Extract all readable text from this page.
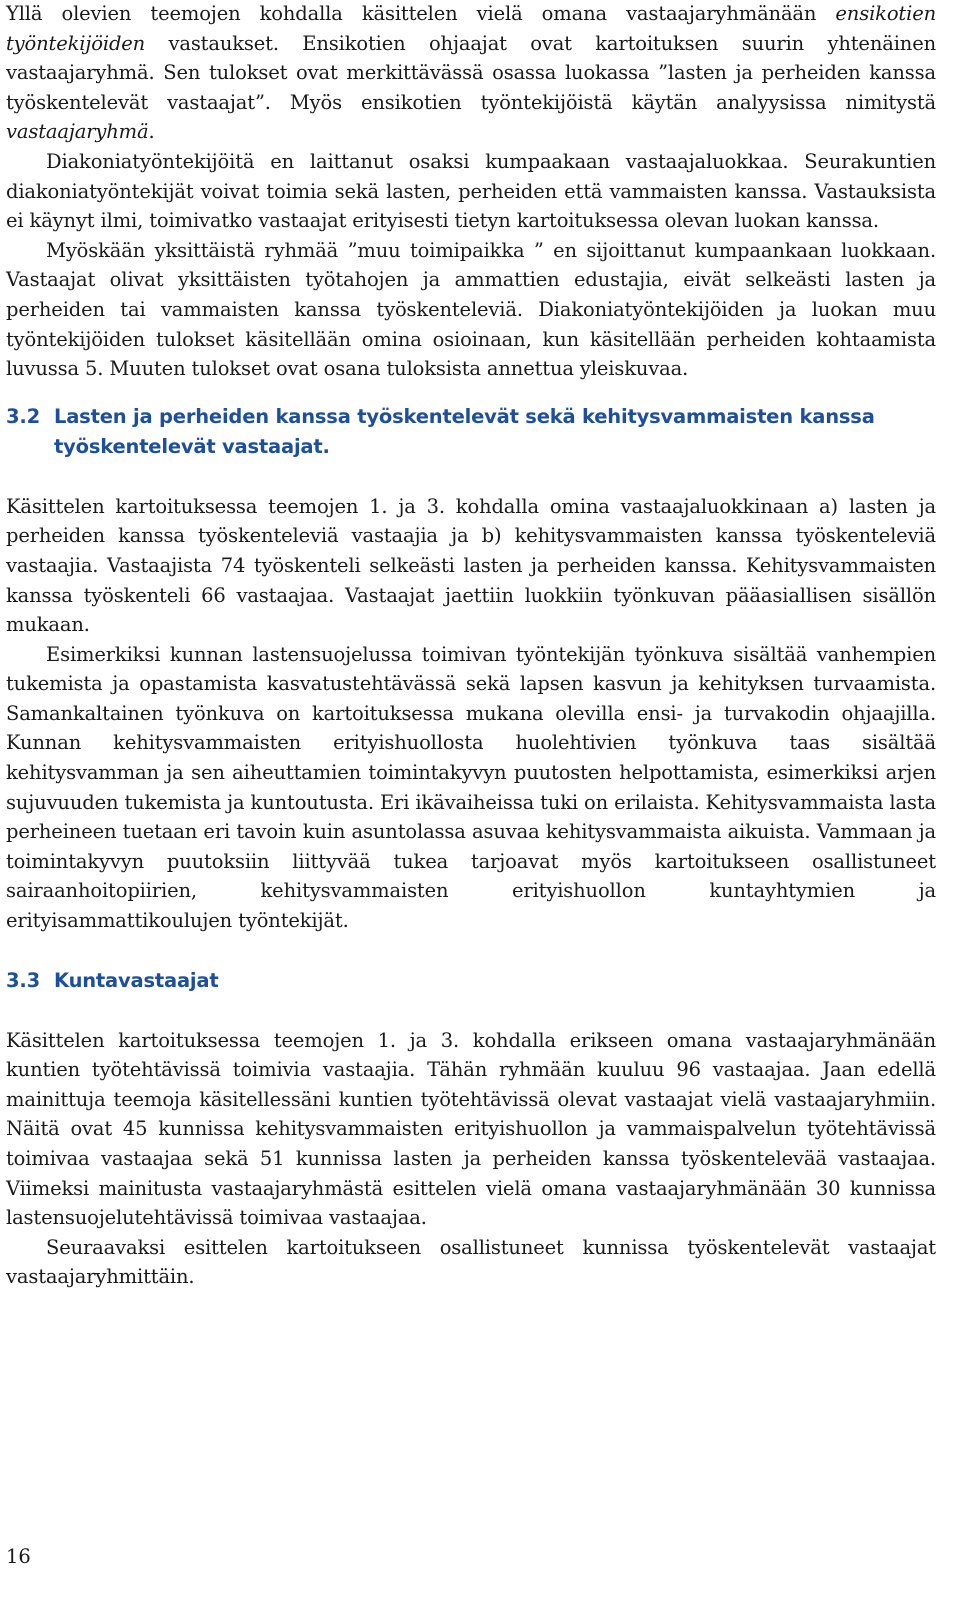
Yllä olevien teemojen kohdalla käsittelen vielä omana vastaajaryhmänään ensikotien työntekijöiden vastaukset. Ensikotien ohjaajat ovat kartoituksen suurin yhtenäinen vastaajaryhmä. Sen tulokset ovat merkittävässä osassa luokassa ”lasten ja perheiden kanssa työskentelevät vastaajat”. Myös ensikotien työntekijöistä käytän analyysissa nimitystä vastaajaryhmä.

Diakoniatyöntekijöitä en laittanut osaksi kumpaakaan vastaajaluokkaa. Seurakuntien diakoniatyöntekijät voivat toimia sekä lasten, perheiden että vammaisten kanssa. Vastauksista ei käynyt ilmi, toimivatko vastaajat erityisesti tietyn kartoituksessa olevan luokan kanssa.

Myöskään yksittäistä ryhmää ”muu toimipaikka ” en sijoittanut kumpaankaan luokkaan. Vastaajat olivat yksittäisten työtahojen ja ammattien edustajia, eivät selkeästi lasten ja perheiden tai vammaisten kanssa työskenteleviä. Diakoniatyöntekijöiden ja luokan muu työntekijöiden tulokset käsitellään omina osioinaan, kun käsitellään perheiden kohtaamista luvussa 5. Muuten tulokset ovat osana tuloksista annettua yleiskuvaa.

3.2 Lasten ja perheiden kanssa työskentelevät sekä kehitysvammaisten kanssa työskentelevät vastaajat.

Käsittelen kartoituksessa teemojen 1. ja 3. kohdalla omina vastaajaluokkinaan a) lasten ja perheiden kanssa työskenteleviä vastaajia ja b) kehitysvammaisten kanssa työskenteleviä vastaajia. Vastaajista 74 työskenteli selkeästi lasten ja perheiden kanssa. Kehitysvammaisten kanssa työskenteli 66 vastaajaa. Vastaajat jaettiin luokkiin työnkuvan pääasiallisen sisällön mukaan.

Esimerkiksi kunnan lastensuojelussa toimivan työntekijän työnkuva sisältää vanhempien tukemista ja opastamista kasvatustehtävässä sekä lapsen kasvun ja kehityksen turvaamista. Samankaltainen työnkuva on kartoituksessa mukana olevilla ensi- ja turvakodin ohjaajilla. Kunnan kehitysvammaisten erityishuollosta huolehtivien työnkuva taas sisältää kehitysvamman ja sen aiheuttamien toimintakyvyn puutosten helpottamista, esimerkiksi arjen sujuvuuden tukemista ja kuntoutusta. Eri ikävaiheissa tuki on erilaista. Kehitysvammaista lasta perheineen tuetaan eri tavoin kuin asuntolassa asuvaa kehitysvammaista aikuista. Vammaan ja toimintakyvyn puutoksiin liittyvää tukea tarjoavat myös kartoitukseen osallistuneet sairaanhoitopiirien, kehitysvammaisten erityishuollon kuntayhtymien ja erityisammattikoulujen työntekijät.

3.3 Kuntavastaajat

Käsittelen kartoituksessa teemojen 1. ja 3. kohdalla erikseen omana vastaajaryhmänään kuntien työtehtävissä toimivia vastaajia. Tähän ryhmään kuuluu 96 vastaajaa. Jaan edellä mainittuja teemoja käsitellessäni kuntien työtehtävissä olevat vastaajat vielä vastaajaryhmiin. Näitä ovat 45 kunnissa kehitysvammaisten erityishuollon ja vammaispalvelun työtehtävissä toimivaa vastaajaa sekä 51 kunnissa lasten ja perheiden kanssa työskentelevää vastaajaa. Viimeksi mainitusta vastaajaryhmästä esittelen vielä omana vastaajaryhmänään 30 kunnissa lastensuojelutehtävissä toimivaa vastaajaa.

Seuraavaksi esittelen kartoitukseen osallistuneet kunnissa työskentelevät vastaajat vastaajaryhmittäin.

16
